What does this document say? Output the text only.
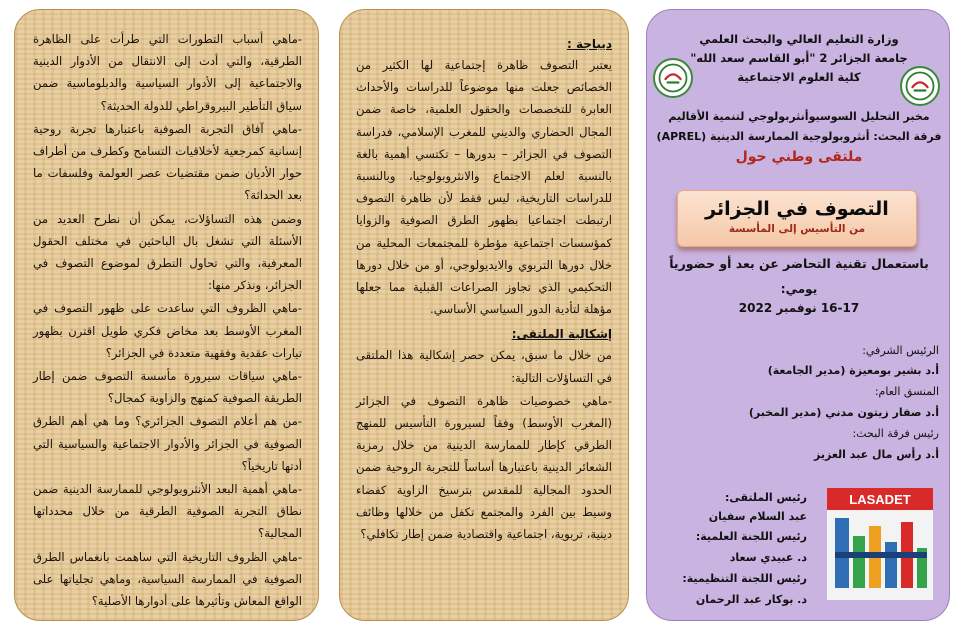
-ماهي أسباب التطورات التي طرأت على الظاهرة الطرقية، والتي أدت إلى الانتقال من الأدوار الدينية والاجتماعية إلى الأدوار السياسية والدبلوماسية ضمن سياق التأطير البيروقراطي للدولة الحديثة؟

-ماهي آفاق التجربة الصوفية باعتبارها تجربة روحية إنسانية كمرجعية لأخلاقيات التسامح وكطرف من أطراف حوار الأديان ضمن مقتضيات عصر العولمة وفلسفات ما بعد الحداثة؟

وضمن هذه التساؤلات، يمكن أن نطرح العديد من الأسئلة التي تشغل بال الباحثين في مختلف الحقول المعرفية، والتي تحاول التطرق لموضوع التصوف في الجزائر، ونذكر منها:

-ماهي الظروف التي ساعدت على ظهور التصوف في المغرب الأوسط بعد مخاض فكري طويل اقترن بظهور تيارات عقدية وفقهية متعددة في الجزائر؟

-ماهي سياقات سيرورة مأسسة التصوف ضمن إطار الطريقة الصوفية كمنهج والزاوية كمجال؟

-من هم أعلام التصوف الجزائري؟ وما هي أهم الطرق الصوفية في الجزائر والأدوار الاجتماعية والسياسية التي أدتها تاريخياً؟

-ماهي أهمية البعد الأنثروبولوجي للممارسة الدينية ضمن نطاق التجربة الصوفية الطرقية من خلال محدداتها المجالية؟

-ماهي الظروف التاريخية التي ساهمت بانغماس الطرق الصوفية في الممارسة السياسية، وماهي تجلياتها على الواقع المعاش وتأثيرها على أدوارها الأصلية؟

ديباجة :

يعتبر التصوف ظاهرة إجتماعية لها الكثير من الخصائص جعلت منها موضوعاً للدراسات والأحداث العابرة للتخصصات والحقول العلمية، خاصة ضمن المجال الحضاري والديني للمغرب الإسلامي، فدراسة التصوف في الجزائر – بدورها – تكتسي أهمية بالغة بالنسبة لعلم الاجتماع والانثروبولوجيا، وبالنسبة للدراسات التاريخية، ليس فقط لأن ظاهرة التصوف ارتبطت اجتماعيا بظهور الطرق الصوفية والزوايا كمؤسسات اجتماعية مؤطرة للمجتمعات المحلية من خلال دورها التربوي والايديولوجي، أو من خلال دورها التحكيمي الذي تجاوز الصراعات القبلية مما جعلها مؤهلة لتأدية الدور السياسي الأساسي.

إشكالية الملتقى:

من خلال ما سبق، يمكن حصر إشكالية هذا الملتقى في التساؤلات التالية:

-ماهي خصوصيات ظاهرة التصوف في الجزائر (المغرب الأوسط) وفقاً لسيرورة التأسيس للمنهج الطرقي كإطار للممارسة الدينية من خلال رمزية الشعائر الدينية باعتبارها أساساً للتجربة الروحية ضمن الحدود المجالية للمقدس بترسيخ الزاوية كفضاء وسيط بين الفرد والمجتمع تكفل من خلالها وظائف دينية، تربوية، اجتماعية واقتصادية ضمن إطار تكافلي؟

وزارة التعليم العالي والبحث العلمي
جامعة الجزائر 2 "أبو القاسم سعد الله"
كلية العلوم الاجتماعية
مخبر التحليل السوسيوأنثربولوجي لتنمية الأقاليم
فرقة البحث: أنثروبولوجية الممارسة الدينية (APREL)
ملتقى وطني حول
التصوف في الجزائر
من التأسيس إلى المأسسة
باستعمال تقنية التحاضر عن بعد أو حضورياً
يومي:
16-17 نوفمبر 2022
الرئيس الشرفي:
أ.د بشير بومعيزة (مدير الجامعة)
المنسق العام:
أ.د صفار زيتون مدني (مدير المخبر)
رئيس فرقة البحث:
أ.د رأس مال عبد العزيز
رئيس الملتقى:
عبد السلام سفيان
رئيس اللجنة العلمية:
د. عبيدي سعاد
رئيس اللجنة التنظيمية:
د. بوكار عبد الرحمان
LASADET
